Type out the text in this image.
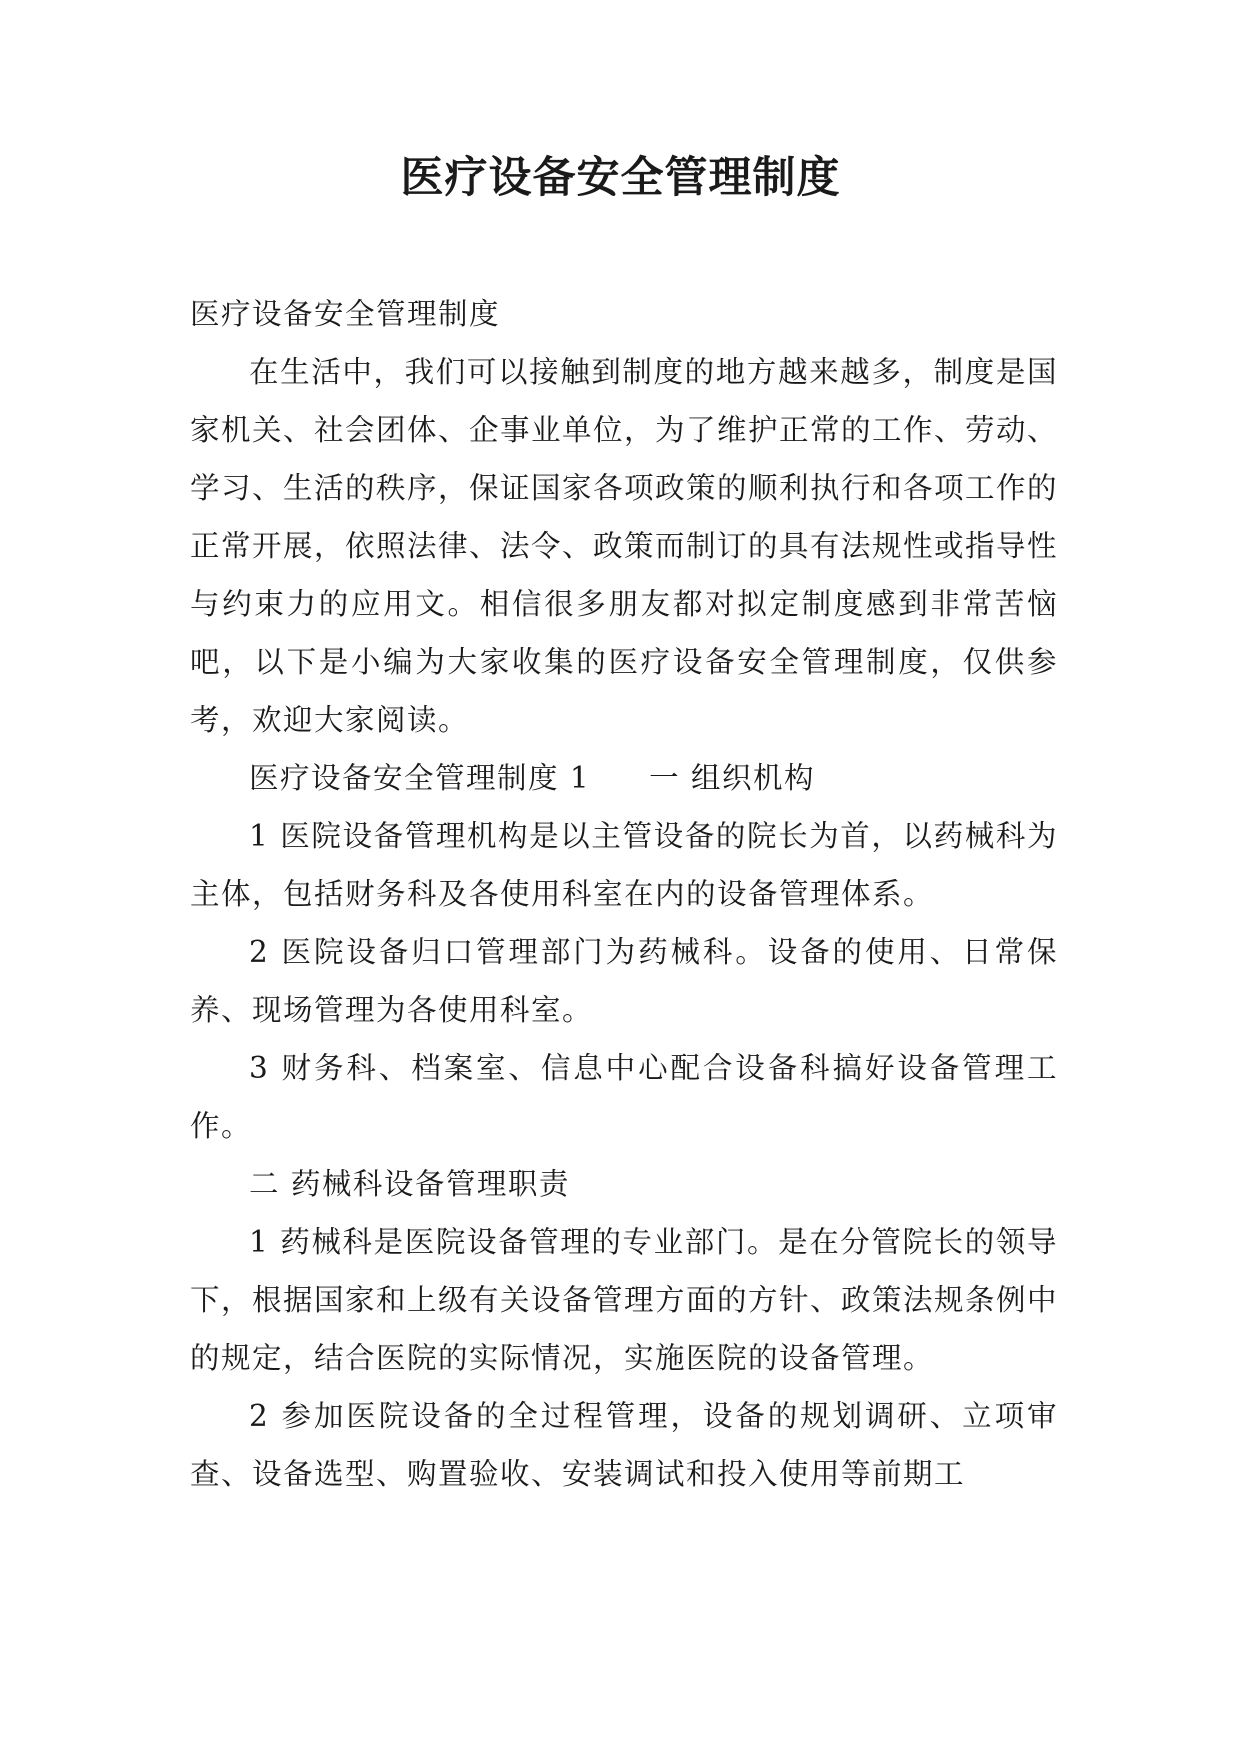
医疗设备安全管理制度

医疗设备安全管理制度

在生活中，我们可以接触到制度的地方越来越多，制度是国家机关、社会团体、企事业单位，为了维护正常的工作、劳动、学习、生活的秩序，保证国家各项政策的顺利执行和各项工作的正常开展，依照法律、法令、政策而制订的具有法规性或指导性与约束力的应用文。相信很多朋友都对拟定制度感到非常苦恼吧，以下是小编为大家收集的医疗设备安全管理制度，仅供参考，欢迎大家阅读。

医疗设备安全管理制度 1 一 组织机构

1 医院设备管理机构是以主管设备的院长为首，以药械科为主体，包括财务科及各使用科室在内的设备管理体系。

2 医院设备归口管理部门为药械科。设备的使用、日常保养、现场管理为各使用科室。

3 财务科、档案室、信息中心配合设备科搞好设备管理工作。

二 药械科设备管理职责

1 药械科是医院设备管理的专业部门。是在分管院长的领导下，根据国家和上级有关设备管理方面的方针、政策法规条例中的规定，结合医院的实际情况，实施医院的设备管理。

2 参加医院设备的全过程管理，设备的规划调研、立项审查、设备选型、购置验收、安装调试和投入使用等前期工
